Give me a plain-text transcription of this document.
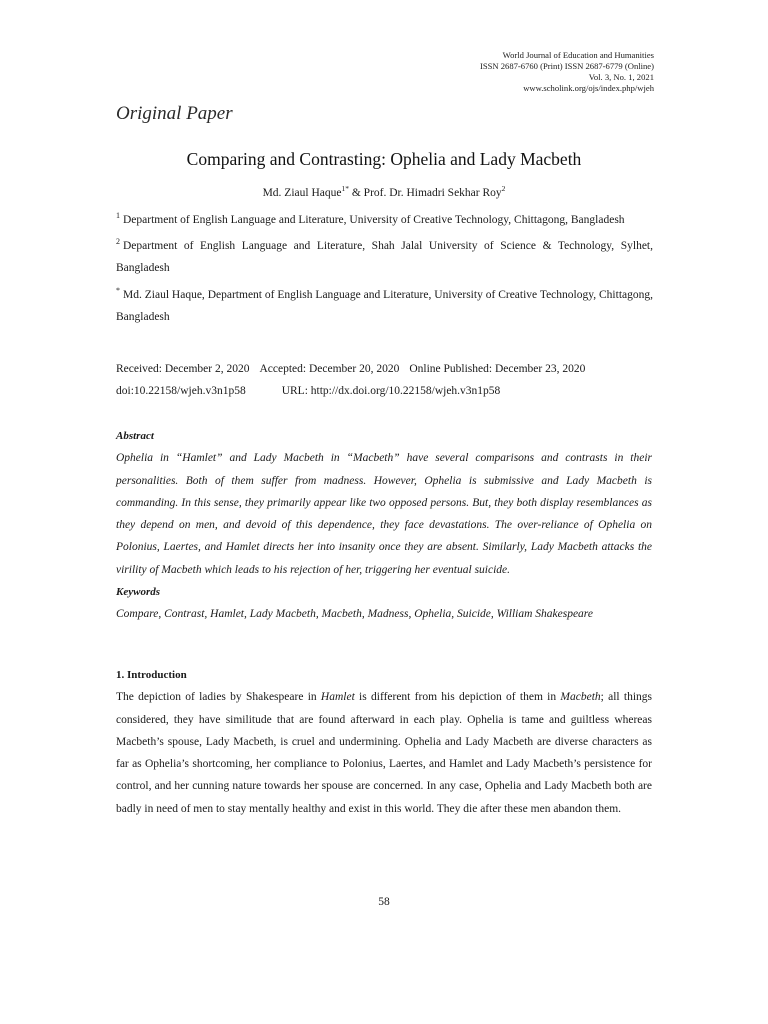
World Journal of Education and Humanities
ISSN 2687-6760 (Print) ISSN 2687-6779 (Online)
Vol. 3, No. 1, 2021
www.scholink.org/ojs/index.php/wjeh
Original Paper
Comparing and Contrasting: Ophelia and Lady Macbeth
Md. Ziaul Haque$^{1*}$ & Prof. Dr. Himadri Sekhar Roy$^2$
$^1$ Department of English Language and Literature, University of Creative Technology, Chittagong, Bangladesh
$^2$ Department of English Language and Literature, Shah Jalal University of Science & Technology, Sylhet, Bangladesh
* Md. Ziaul Haque, Department of English Language and Literature, University of Creative Technology, Chittagong, Bangladesh
Received: December 2, 2020 Accepted: December 20, 2020 Online Published: December 23, 2020
doi:10.22158/wjeh.v3n1p58	URL: http://dx.doi.org/10.22158/wjeh.v3n1p58
Abstract
Ophelia in “Hamlet” and Lady Macbeth in “Macbeth” have several comparisons and contrasts in their personalities. Both of them suffer from madness. However, Ophelia is submissive and Lady Macbeth is commanding. In this sense, they primarily appear like two opposed persons. But, they both display resemblances as they depend on men, and devoid of this dependence, they face devastations. The over-reliance of Ophelia on Polonius, Laertes, and Hamlet directs her into insanity once they are absent. Similarly, Lady Macbeth attacks the virility of Macbeth which leads to his rejection of her, triggering her eventual suicide.
Keywords
Compare, Contrast, Hamlet, Lady Macbeth, Macbeth, Madness, Ophelia, Suicide, William Shakespeare
1. Introduction
The depiction of ladies by Shakespeare in Hamlet is different from his depiction of them in Macbeth; all things considered, they have similitude that are found afterward in each play. Ophelia is tame and guiltless whereas Macbeth’s spouse, Lady Macbeth, is cruel and undermining. Ophelia and Lady Macbeth are diverse characters as far as Ophelia’s shortcoming, her compliance to Polonius, Laertes, and Hamlet and Lady Macbeth’s persistence for control, and her cunning nature towards her spouse are concerned. In any case, Ophelia and Lady Macbeth both are badly in need of men to stay mentally healthy and exist in this world. They die after these men abandon them.
58
